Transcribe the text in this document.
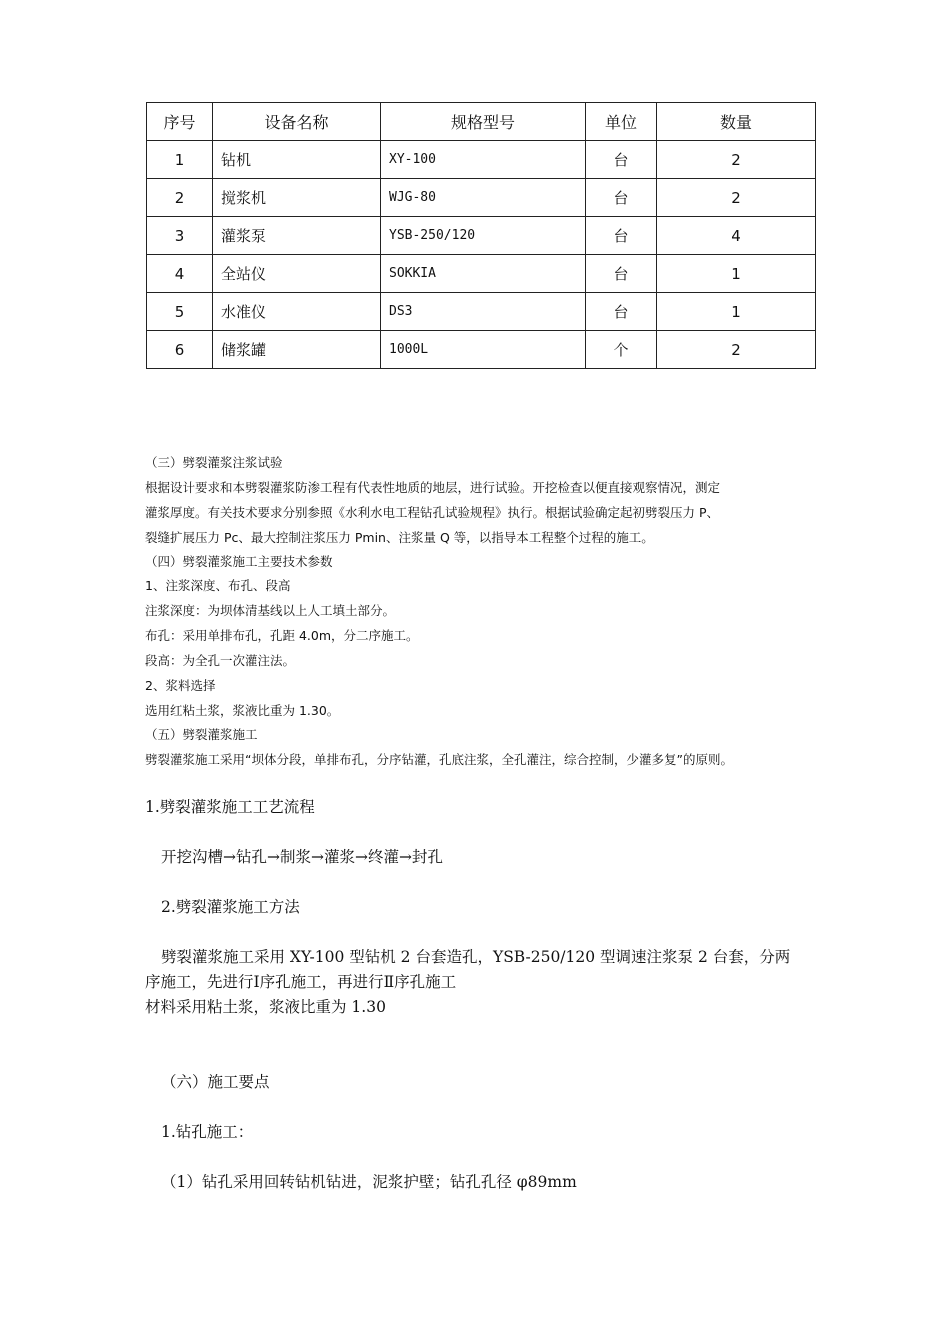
序号	设备名称	规格型号	单位	数量
1	钻机	XY-100	台	2
2	搅浆机	WJG-80	台	2
3	灌浆泵	YSB-250/120	台	4
4	全站仪	SOKKIA	台	1
5	水准仪	DS3	台	1
6	储浆罐	1000L	个	2
（三）劈裂灌浆注浆试验
根据设计要求和本劈裂灌浆防渗工程有代表性地质的地层，进行试验。开挖检查以便直接观察情况，测定
灌浆厚度。有关技术要求分别参照《水利水电工程钻孔试验规程》执行。根据试验确定起初劈裂压力 P、
裂缝扩展压力 Pc、最大控制注浆压力 Pmin、注浆量 Q 等，以指导本工程整个过程的施工。
（四）劈裂灌浆施工主要技术参数
1、注浆深度、布孔、段高
注浆深度：为坝体清基线以上人工填土部分。
布孔：采用单排布孔，孔距 4.0m，分二序施工。
段高：为全孔一次灌注法。
2、浆料选择
选用红粘土浆，浆液比重为 1.30。
（五）劈裂灌浆施工
劈裂灌浆施工采用“坝体分段，单排布孔，分序钻灌，孔底注浆，全孔灌注，综合控制，少灌多复”的原则。
1.劈裂灌浆施工工艺流程
开挖沟槽→钻孔→制浆→灌浆→终灌→封孔
2.劈裂灌浆施工方法
劈裂灌浆施工采用 XY-100 型钻机 2 台套造孔，YSB-250/120 型调速注浆泵 2 台套，分两
序施工，先进行Ⅰ序孔施工，再进行Ⅱ序孔施工
材料采用粘土浆，浆液比重为 1.30
（六）施工要点
1.钻孔施工：
（1）钻孔采用回转钻机钻进，泥浆护壁；钻孔孔径 φ89mm
